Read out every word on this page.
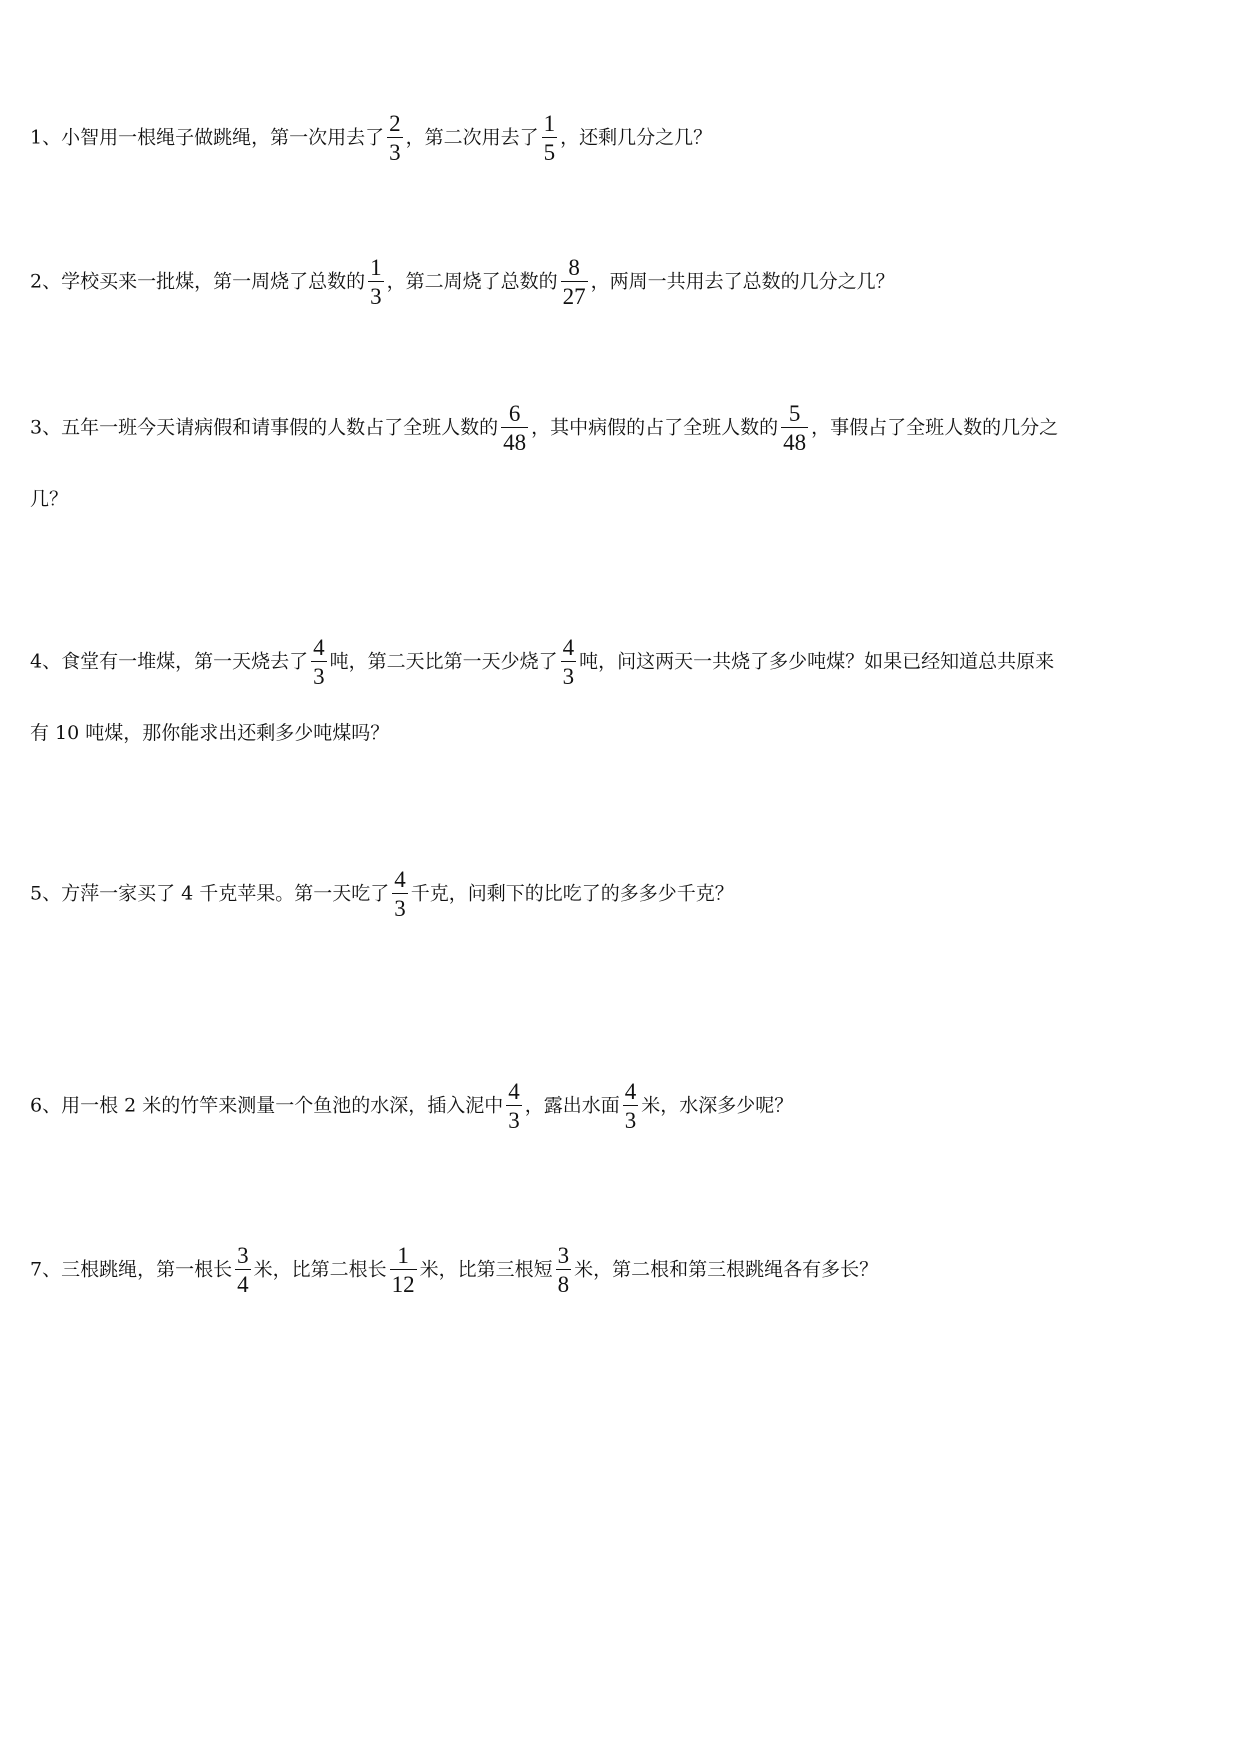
1、小智用一根绳子做跳绳，第一次用去了 $\frac{2}{3}$ ，第二次用去了 $\frac{1}{5}$ ，还剩几分之几？
2、学校买来一批煤，第一周烧了总数的 $\frac{1}{3}$ ，第二周烧了总数的 $\frac{8}{27}$ ，两周一共用去了总数的几分之几？
3、五年一班今天请病假和请事假的人数占了全班人数的 $\frac{6}{48}$ ，其中病假的占了全班人数的 $\frac{5}{48}$ ，事假占了全班人数的几分之
几？
4、食堂有一堆煤，第一天烧去了 $\frac{4}{3}$ 吨，第二天比第一天少烧了 $\frac{4}{3}$ 吨，问这两天一共烧了多少吨煤？如果已经知道总共原来
有 10 吨煤，那你能求出还剩多少吨煤吗？
5、方萍一家买了 4 千克苹果。第一天吃了 $\frac{4}{3}$ 千克，问剩下的比吃了的多多少千克？
6、用一根 2 米的竹竿来测量一个鱼池的水深，插入泥中 $\frac{4}{3}$ ，露出水面 $\frac{4}{3}$ 米，水深多少呢？
7、三根跳绳，第一根长 $\frac{3}{4}$ 米，比第二根长 $\frac{1}{12}$ 米，比第三根短 $\frac{3}{8}$ 米，第二根和第三根跳绳各有多长？
